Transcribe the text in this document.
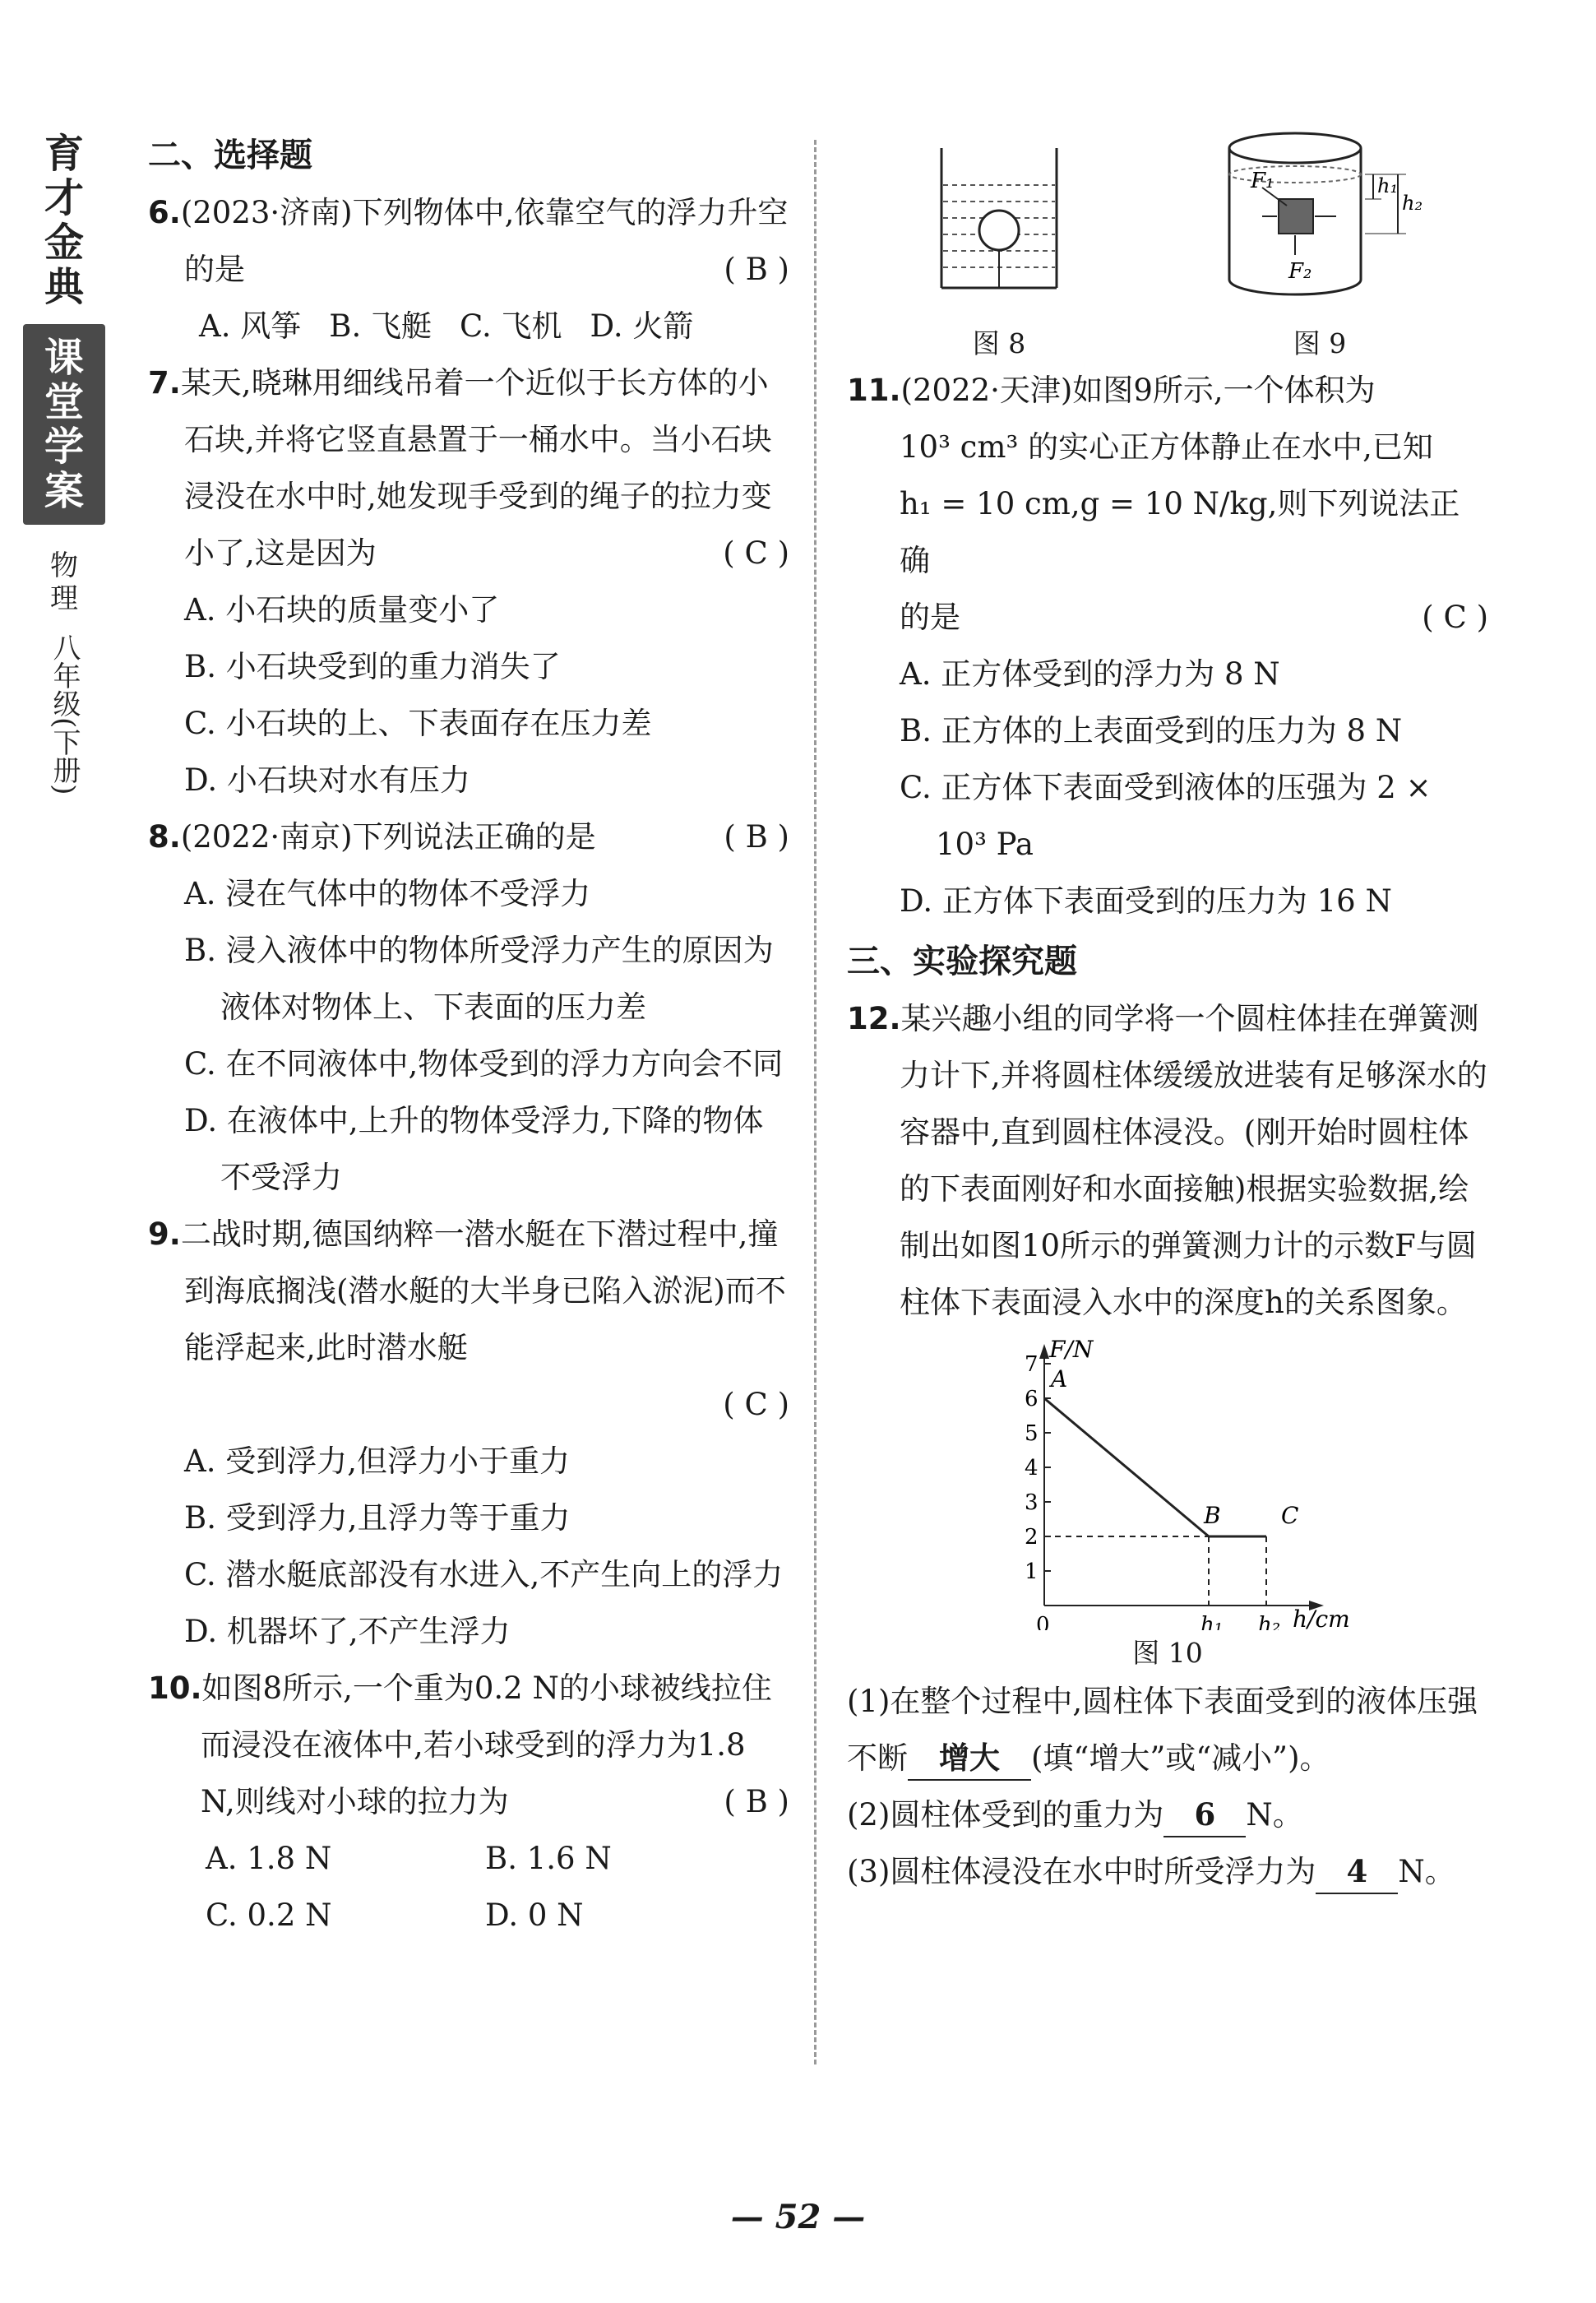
育
才
金
典
课
堂
学
案
物
理
八年级(下册)
二、选择题
6.(2023·济南)下列物体中,依靠空气的浮力升空的是	( B )
A. 风筝 B. 飞艇 C. 飞机 D. 火箭
7.某天,晓琳用细线吊着一个近似于长方体的小石块,并将它竖直悬置于一桶水中。当小石块浸没在水中时,她发现手受到的绳子的拉力变小了,这是因为	( C )
A. 小石块的质量变小了
B. 小石块受到的重力消失了
C. 小石块的上、下表面存在压力差
D. 小石块对水有压力
8.(2022·南京)下列说法正确的是	( B )
A. 浸在气体中的物体不受浮力
B. 浸入液体中的物体所受浮力产生的原因为液体对物体上、下表面的压力差
C. 在不同液体中,物体受到的浮力方向会不同
D. 在液体中,上升的物体受浮力,下降的物体不受浮力
9.二战时期,德国纳粹一潜水艇在下潜过程中,撞到海底搁浅(潜水艇的大半身已陷入淤泥)而不能浮起来,此时潜水艇
( C )
A. 受到浮力,但浮力小于重力
B. 受到浮力,且浮力等于重力
C. 潜水艇底部没有水进入,不产生向上的浮力
D. 机器坏了,不产生浮力
10.如图8所示,一个重为0.2 N的小球被线拉住而浸没在液体中,若小球受到的浮力为1.8 N,则线对小球的拉力为	( B )
A. 1.8 N	B. 1.6 N
C. 0.2 N	D. 0 N
图 8
F₁
F₂
h₁
h₂
图 9
11.(2022·天津)如图9所示,一个体积为
10³ cm³ 的实心正方体静止在水中,已知
h₁ = 10 cm,g = 10 N/kg,则下列说法正确
的是	( C )
A. 正方体受到的浮力为 8 N
B. 正方体的上表面受到的压力为 8 N
C. 正方体下表面受到液体的压强为 2 × 10³ Pa
D. 正方体下表面受到的压力为 16 N
三、实验探究题
12.某兴趣小组的同学将一个圆柱体挂在弹簧测力计下,并将圆柱体缓缓放进装有足够深水的容器中,直到圆柱体浸没。(刚开始时圆柱体的下表面刚好和水面接触)根据实验数据,绘制出如图10所示的弹簧测力计的示数F与圆柱体下表面浸入水中的深度h的关系图象。
F/N
h/cm
1
2
3
4
5
6
7
0	h₁ h₂
A
B	C
图 10
(1)在整个过程中,圆柱体下表面受到的液体压强不断 增大 (填“增大”或“减小”)。
(2)圆柱体受到的重力为 6 N。
(3)圆柱体浸没在水中时所受浮力为 4 N。
— 52 —
